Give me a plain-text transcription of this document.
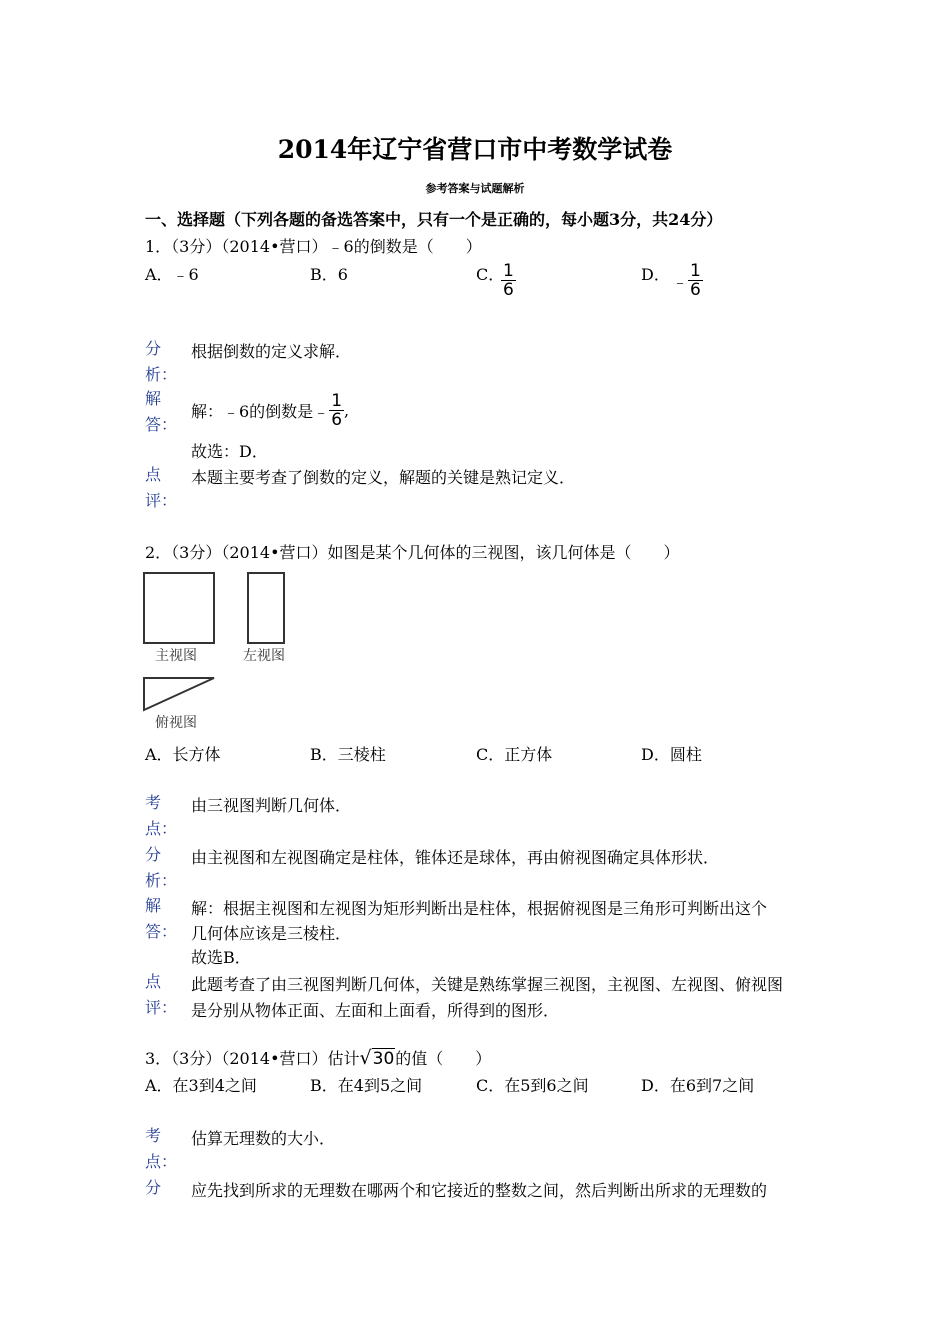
2014年辽宁省营口市中考数学试卷
参考答案与试题解析
一、选择题（下列各题的备选答案中，只有一个是正确的，每小题3分，共24分）
1．（3分）（2014•营口）﹣6的倒数是（　　）
A．﹣6	B．6	C．
$\frac{1}{6}$	D． ﹣ $\frac{1}{6}$
分
析：
根据倒数的定义求解．
解
答：
解：﹣6的倒数是﹣ $\frac{1}{6}$ ,
故选：D．
点
评：
本题主要考查了倒数的定义，解题的关键是熟记定义．
2．（3分）（2014•营口）如图是某个几何体的三视图，该几何体是（　　）
主视图	左视图
俯视图
A．长方体	B．三棱柱	C．正方体	D．圆柱
考
点：
由三视图判断几何体．
分
析：
由主视图和左视图确定是柱体，锥体还是球体，再由俯视图确定具体形状．
解
答：
解：根据主视图和左视图为矩形判断出是柱体，根据俯视图是三角形可判断出这个
几何体应该是三棱柱．
故选B．
点
评：
此题考查了由三视图判断几何体，关键是熟练掌握三视图，主视图、左视图、俯视图
是分别从物体正面、左面和上面看，所得到的图形．
3．（3分）（2014•营口）估计√30的值（　　）
A．在3到4之间	B．在4到5之间	C．在5到6之间	D．在6到7之间
考
点：
估算无理数的大小．
分	应先找到所求的无理数在哪两个和它接近的整数之间，然后判断出所求的无理数的
